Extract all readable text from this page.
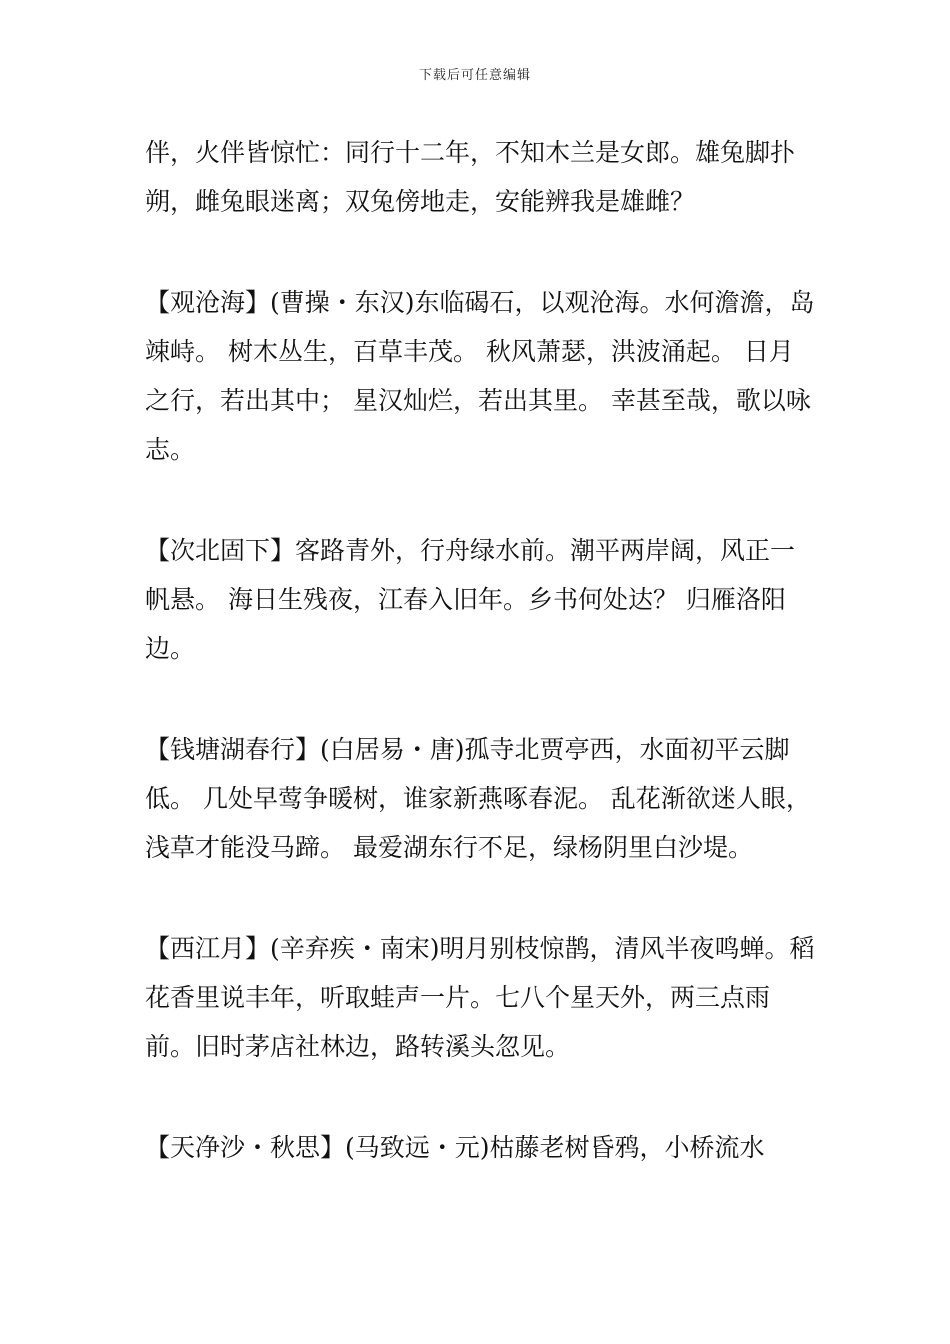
下载后可任意编辑

伴，火伴皆惊忙：同行十二年，不知木兰是女郎。雄兔脚扑朔，雌兔眼迷离；双兔傍地走，安能辨我是雄雌？

【观沧海】(曹操・东汉)东临碣石，以观沧海。水何澹澹，岛竦峙。 树木丛生，百草丰茂。 秋风萧瑟，洪波涌起。 日月之行，若出其中； 星汉灿烂，若出其里。 幸甚至哉，歌以咏志。

【次北固下】客路青外，行舟绿水前。潮平两岸阔，风正一帆悬。 海日生残夜，江春入旧年。乡书何处达？ 归雁洛阳边。

【钱塘湖春行】(白居易・唐)孤寺北贾亭西，水面初平云脚低。 几处早莺争暖树，谁家新燕啄春泥。 乱花渐欲迷人眼，浅草才能没马蹄。 最爱湖东行不足，绿杨阴里白沙堤。

【西江月】(辛弃疾・南宋)明月别枝惊鹊，清风半夜鸣蝉。稻花香里说丰年，听取蛙声一片。七八个星天外，两三点雨前。旧时茅店社林边，路转溪头忽见。

【天净沙・秋思】(马致远・元)枯藤老树昏鸦，小桥流水
